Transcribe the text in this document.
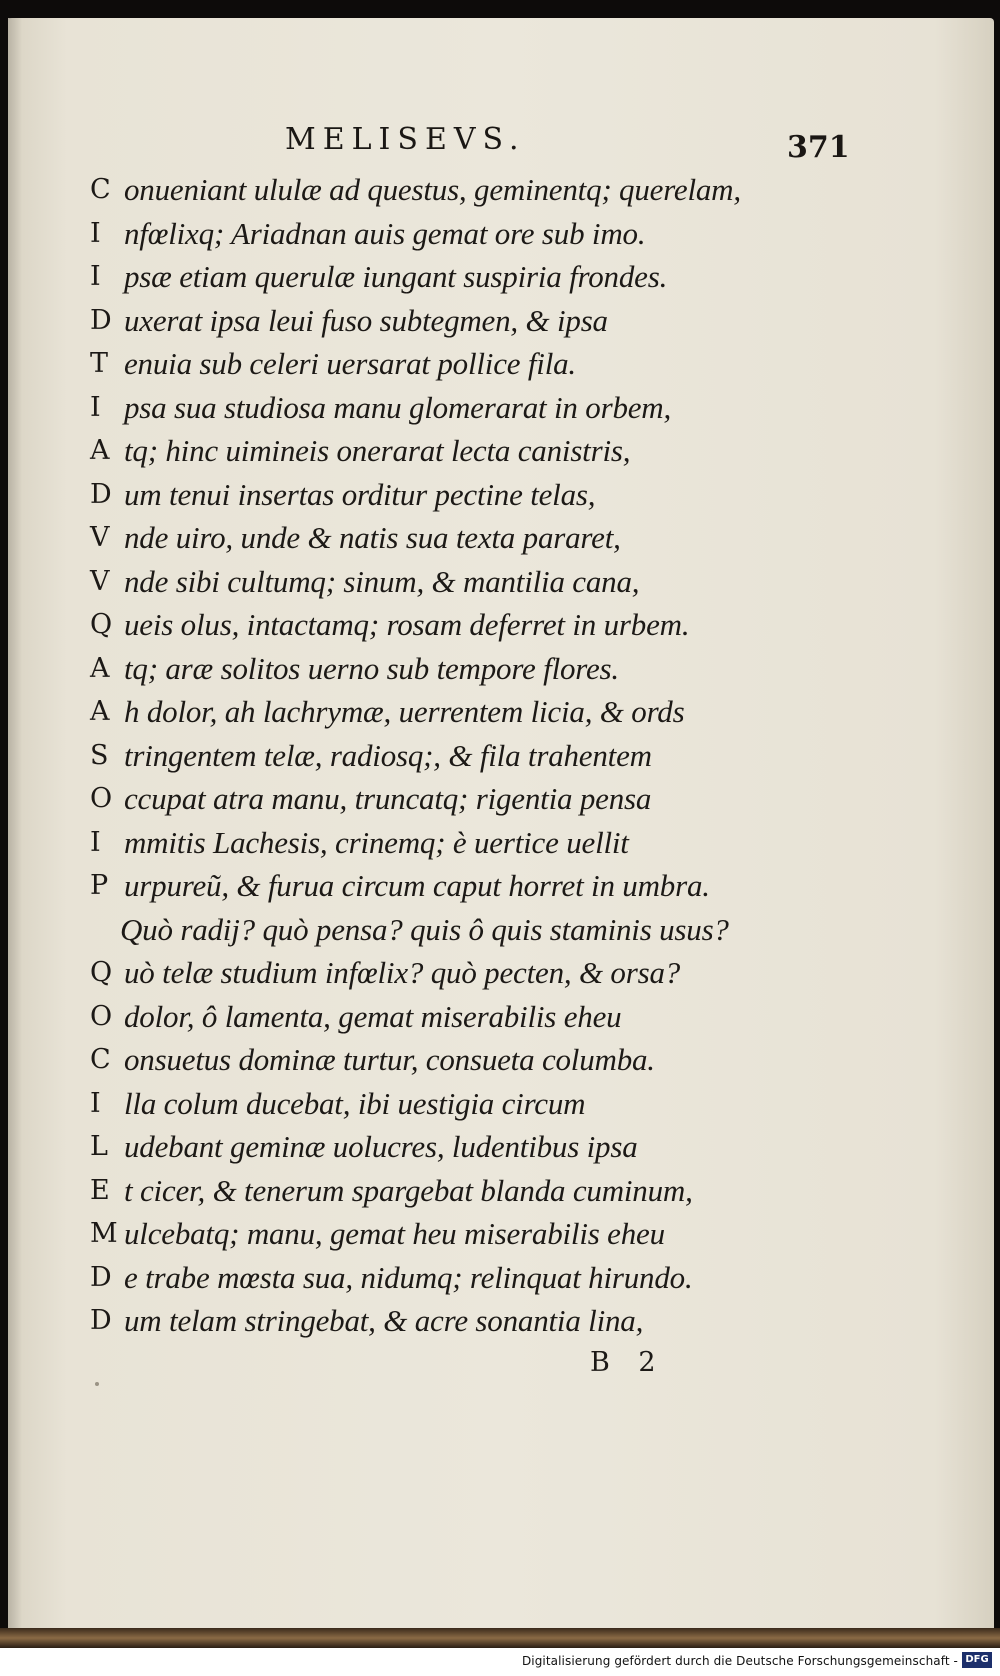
MELISEVS.	371
C onueniant ululæ ad questus, geminentq; querelam,
I nfœlixq; Ariadnan auis gemat ore sub imo.
I psæ etiam querulæ iungant suspiria frondes.
D uxerat ipsa leui fuso subtegmen, & ipsa
T enuia sub celeri uersarat pollice fila.
I psa sua studiosa manu glomerarat in orbem,
A tq; hinc uimineis onerarat lecta canistris,
D um tenui insertas orditur pectine telas,
V nde uiro, unde & natis sua texta pararet,
V nde sibi cultumq; sinum, & mantilia cana,
Q ueis olus, intactamq; rosam deferret in urbem.
A tq; aræ solitos uerno sub tempore flores.
A h dolor, ah lachrymæ, uerrentem licia, & ords
S tringentem telæ, radiosq;, & fila trahentem
O ccupat atra manu, truncatq; rigentia pensa
I mmitis Lachesis, crinemq; è uertice uellit
P urpureũ, & furua circum caput horret in umbra.
Quò radij? quò pensa? quis ô quis staminis usus?
Q uò telæ studium infœlix? quò pecten, & orsa?
O dolor, ô lamenta, gemat miserabilis eheu
C onsuetus dominæ turtur, consueta columba.
I lla colum ducebat, ibi uestigia circum
L udebant geminæ uolucres, ludentibus ipsa
E t cicer, & tenerum spargebat blanda cuminum,
M ulcebatq; manu, gemat heu miserabilis eheu
D e trabe mœsta sua, nidumq; relinquat hirundo.
D um telam stringebat, & acre sonantia lina,
B 2
Digitalisierung gefördert durch die Deutsche Forschungsgemeinschaft - DFG
